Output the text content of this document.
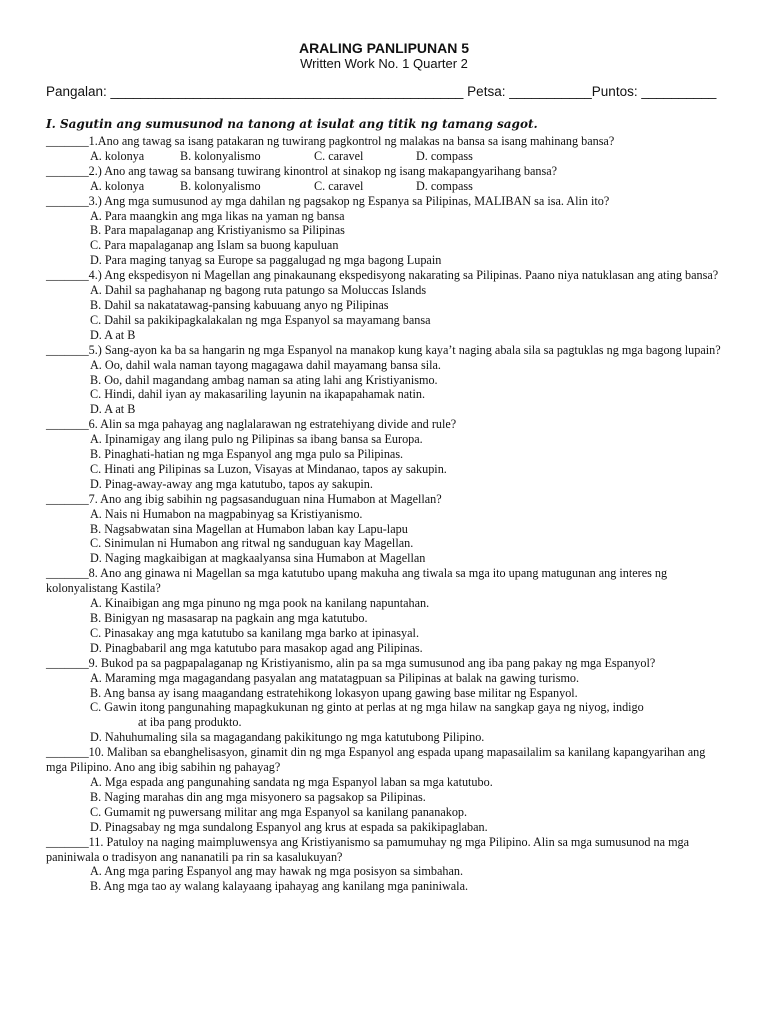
ARALING PANLIPUNAN 5
Written Work No. 1 Quarter 2
Pangalan: _______________________________________________ Petsa: ___________Puntos: __________
I. Sagutin ang sumusunod na tanong at isulat ang titik ng tamang sagot.
_______1.Ano ang tawag sa isang patakaran ng tuwirang pagkontrol ng malakas na bansa sa isang mahinang bansa?
A. kolonya	B. kolonyalismo	C. caravel	D. compass
_______2.) Ano ang tawag sa bansang tuwirang kinontrol at sinakop ng isang makapangyarihang bansa?
A. kolonya	B. kolonyalismo	C. caravel	D. compass
_______3.) Ang mga sumusunod ay mga dahilan ng pagsakop ng Espanya sa Pilipinas, MALIBAN sa isa. Alin ito?
A. Para maangkin ang mga likas na yaman ng bansa
B. Para mapalaganap ang Kristiyanismo sa Pilipinas
C. Para mapalaganap ang Islam sa buong kapuluan
D. Para maging tanyag sa Europe sa paggalugad ng mga bagong Lupain
_______4.) Ang ekspedisyon ni Magellan ang pinakaunang ekspedisyong nakarating sa Pilipinas. Paano niya natuklasan ang ating bansa?
A. Dahil sa paghahanap ng bagong ruta patungo sa Moluccas Islands
B. Dahil sa nakatatawag-pansing kabuuang anyo ng Pilipinas
C. Dahil sa pakikipagkalakalan ng mga Espanyol sa mayamang bansa
D. A at B
_______5.) Sang-ayon ka ba sa hangarin ng mga Espanyol na manakop kung kaya’t naging abala sila sa pagtuklas ng mga bagong lupain?
A. Oo, dahil wala naman tayong magagawa dahil mayamang bansa sila.
B. Oo, dahil magandang ambag naman sa ating lahi ang Kristiyanismo.
C. Hindi, dahil iyan ay makasariling layunin na ikapapahamak natin.
D. A at B
_______6. Alin sa mga pahayag ang naglalarawan ng estratehiyang divide and rule?
A. Ipinamigay ang ilang pulo ng Pilipinas sa ibang bansa sa Europa.
B. Pinaghati-hatian ng mga Espanyol ang mga pulo sa Pilipinas.
C. Hinati ang Pilipinas sa Luzon, Visayas at Mindanao, tapos ay sakupin.
D. Pinag-away-away ang mga katutubo, tapos ay sakupin.
_______7. Ano ang ibig sabihin ng pagsasanduguan nina Humabon at Magellan?
A. Nais ni Humabon na magpabinyag sa Kristiyanismo.
B. Nagsabwatan sina Magellan at Humabon laban kay Lapu-lapu
C. Sinimulan ni Humabon ang ritwal ng sanduguan kay Magellan.
D. Naging magkaibigan at magkaalyansa sina Humabon at Magellan
_______8. Ano ang ginawa ni Magellan sa mga katutubo upang makuha ang tiwala sa mga ito upang matugunan ang interes ng kolonyalistang Kastila?
A. Kinaibigan ang mga pinuno ng mga pook na kanilang napuntahan.
B. Binigyan ng masasarap na pagkain ang mga katutubo.
C. Pinasakay ang mga katutubo sa kanilang mga barko at ipinasyal.
D. Pinagbabaril ang mga katutubo para masakop agad ang Pilipinas.
_______9. Bukod pa sa pagpapalaganap ng Kristiyanismo, alin pa sa mga sumusunod ang iba pang pakay ng mga Espanyol?
A. Maraming mga magagandang pasyalan ang matatagpuan sa Pilipinas at balak na gawing turismo.
B. Ang bansa ay isang maagandang estratehikong lokasyon upang gawing base militar ng Espanyol.
C. Gawin itong pangunahing mapagkukunan ng ginto at perlas at ng mga hilaw na sangkap gaya ng niyog, indigo
at iba pang produkto.
D. Nahuhumaling sila sa magagandang pakikitungo ng mga katutubong Pilipino.
_______10. Maliban sa ebanghelisasyon, ginamit din ng mga Espanyol ang espada upang mapasailalim sa kanilang kapangyarihan ang mga Pilipino. Ano ang ibig sabihin ng pahayag?
A. Mga espada ang pangunahing sandata ng mga Espanyol laban sa mga katutubo.
B. Naging marahas din ang mga misyonero sa pagsakop sa Pilipinas.
C. Gumamit ng puwersang militar ang mga Espanyol sa kanilang pananakop.
D. Pinagsabay ng mga sundalong Espanyol ang krus at espada sa pakikipaglaban.
_______11. Patuloy na naging maimpluwensya ang Kristiyanismo sa pamumuhay ng mga Pilipino. Alin sa mga sumusunod na mga paniniwala o tradisyon ang nananatili pa rin sa kasalukuyan?
A. Ang mga paring Espanyol ang may hawak ng mga posisyon sa simbahan.
B. Ang mga tao ay walang kalayaang ipahayag ang kanilang mga paniniwala.
